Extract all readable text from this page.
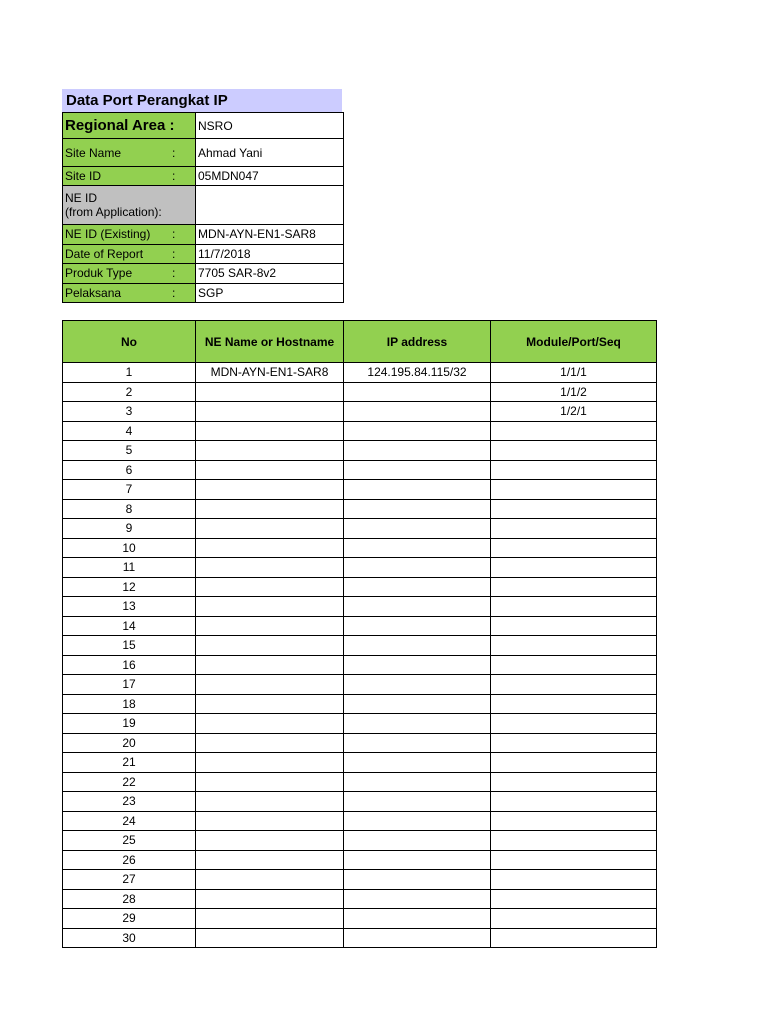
Data Port Perangkat IP
Regional Area :	NSRO
Site Name :	Ahmad Yani
Site ID :	05MDN047
NE ID
(from Application):	
NE ID (Existing) :	MDN-AYN-EN1-SAR8
Date of Report :	11/7/2018
Produk Type :	7705 SAR-8v2
Pelaksana :	SGP
No	NE Name or Hostname	IP address	Module/Port/Seq
1	MDN-AYN-EN1-SAR8	124.195.84.115/32	1/1/1
2			1/1/2
3			1/2/1
4			
5			
6			
7			
8			
9			
10			
11			
12			
13			
14			
15			
16			
17			
18			
19			
20			
21			
22			
23			
24			
25			
26			
27			
28			
29			
30			
